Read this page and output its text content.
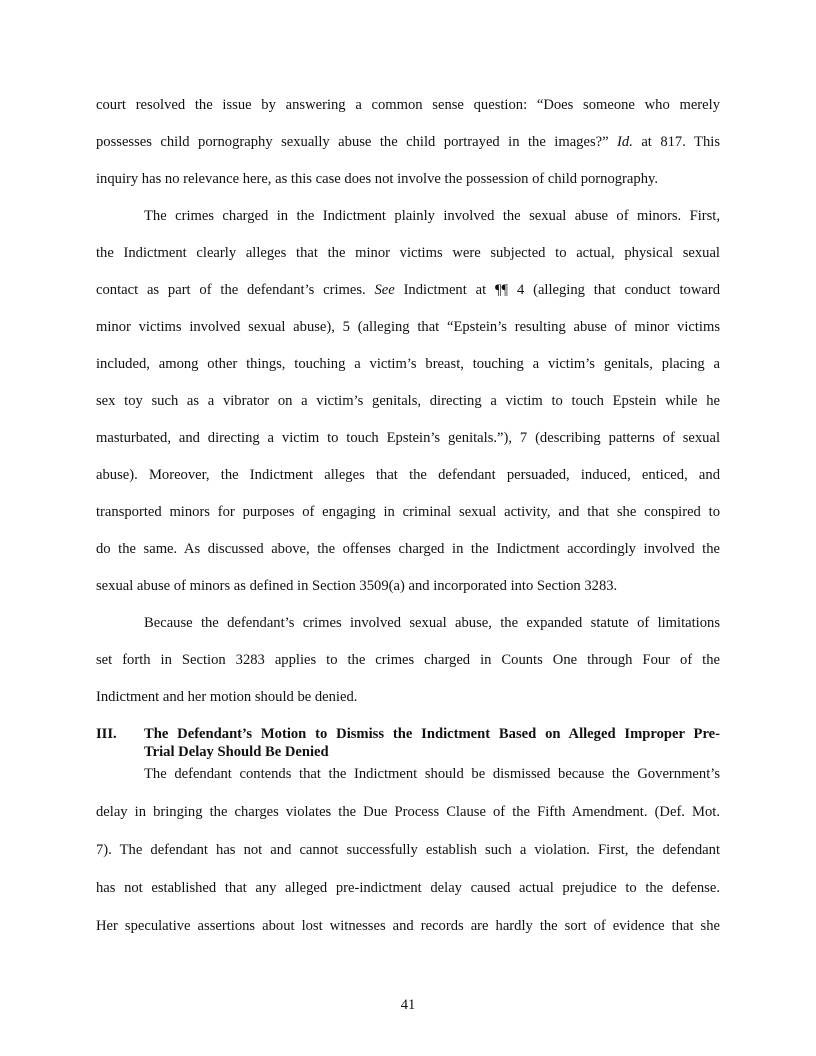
court resolved the issue by answering a common sense question: “Does someone who merely
possesses child pornography sexually abuse the child portrayed in the images?” Id. at 817. This
inquiry has no relevance here, as this case does not involve the possession of child pornography.
The crimes charged in the Indictment plainly involved the sexual abuse of minors. First,
the Indictment clearly alleges that the minor victims were subjected to actual, physical sexual
contact as part of the defendant’s crimes. See Indictment at ¶¶ 4 (alleging that conduct toward
minor victims involved sexual abuse), 5 (alleging that “Epstein’s resulting abuse of minor victims
included, among other things, touching a victim’s breast, touching a victim’s genitals, placing a
sex toy such as a vibrator on a victim’s genitals, directing a victim to touch Epstein while he
masturbated, and directing a victim to touch Epstein’s genitals.”), 7 (describing patterns of sexual
abuse). Moreover, the Indictment alleges that the defendant persuaded, induced, enticed, and
transported minors for purposes of engaging in criminal sexual activity, and that she conspired to
do the same. As discussed above, the offenses charged in the Indictment accordingly involved the
sexual abuse of minors as defined in Section 3509(a) and incorporated into Section 3283.
Because the defendant’s crimes involved sexual abuse, the expanded statute of limitations
set forth in Section 3283 applies to the crimes charged in Counts One through Four of the
Indictment and her motion should be denied.
III.	The Defendant’s Motion to Dismiss the Indictment Based on Alleged Improper Pre-
Trial Delay Should Be Denied
The defendant contends that the Indictment should be dismissed because the Government’s
delay in bringing the charges violates the Due Process Clause of the Fifth Amendment. (Def. Mot.
7). The defendant has not and cannot successfully establish such a violation. First, the defendant
has not established that any alleged pre-indictment delay caused actual prejudice to the defense.
Her speculative assertions about lost witnesses and records are hardly the sort of evidence that she
41
